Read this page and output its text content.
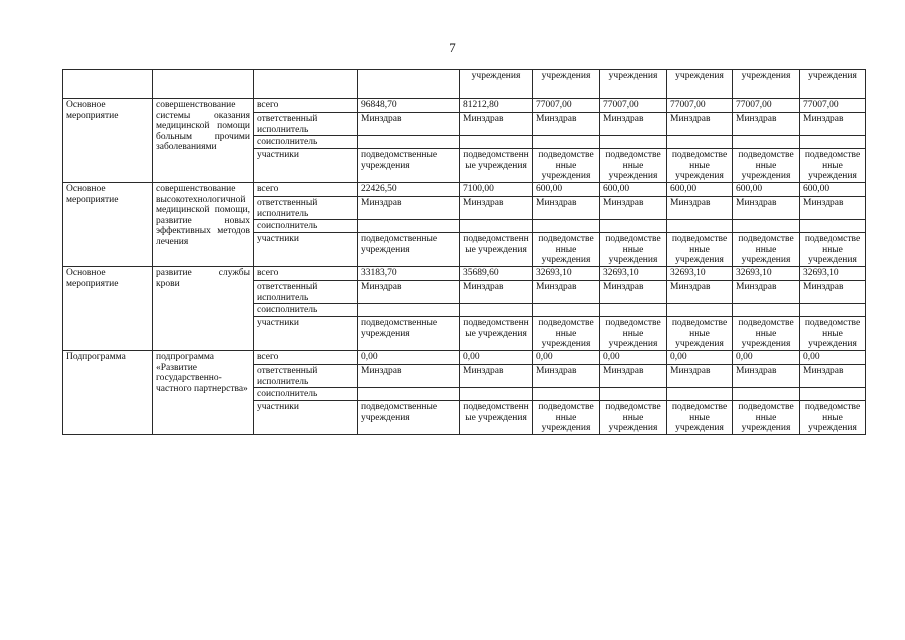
7
				учреждения	учреждения	учреждения	учреждения	учреждения	учреждения
Основное мероприятие	совершенствование системы оказания медицинской помощи больным прочими заболеваниями	всего	96848,70	81212,80	77007,00	77007,00	77007,00	77007,00	77007,00
		ответственный исполнитель	Минздрав	Минздрав	Минздрав	Минздрав	Минздрав	Минздрав	Минздрав
		соисполнитель							
		участники	подведомственные учреждения	подведомственные учреждения	подведомственные учреждения	подведомственные учреждения	подведомственные учреждения	подведомственные учреждения	подведомственные учреждения
Основное мероприятие	совершенствование высокотехнологичной медицинской помощи, развитие новых эффективных методов лечения	всего	22426,50	7100,00	600,00	600,00	600,00	600,00	600,00
		ответственный исполнитель	Минздрав	Минздрав	Минздрав	Минздрав	Минздрав	Минздрав	Минздрав
		соисполнитель							
		участники	подведомственные учреждения	подведомственные учреждения	подведомственные учреждения	подведомственные учреждения	подведомственные учреждения	подведомственные учреждения	подведомственные учреждения
Основное мероприятие	развитие службы крови	всего	33183,70	35689,60	32693,10	32693,10	32693,10	32693,10	32693,10
		ответственный исполнитель	Минздрав	Минздрав	Минздрав	Минздрав	Минздрав	Минздрав	Минздрав
		соисполнитель							
		участники	подведомственные учреждения	подведомственные учреждения	подведомственные учреждения	подведомственные учреждения	подведомственные учреждения	подведомственные учреждения	подведомственные учреждения
Подпрограмма	подпрограмма «Развитие государственно-частного партнерства»	всего	0,00	0,00	0,00	0,00	0,00	0,00	0,00
		ответственный исполнитель	Минздрав	Минздрав	Минздрав	Минздрав	Минздрав	Минздрав	Минздрав
		соисполнитель							
		участники	подведомственные учреждения	подведомственные учреждения	подведомственные учреждения	подведомственные учреждения	подведомственные учреждения	подведомственные учреждения	подведомственные учреждения
